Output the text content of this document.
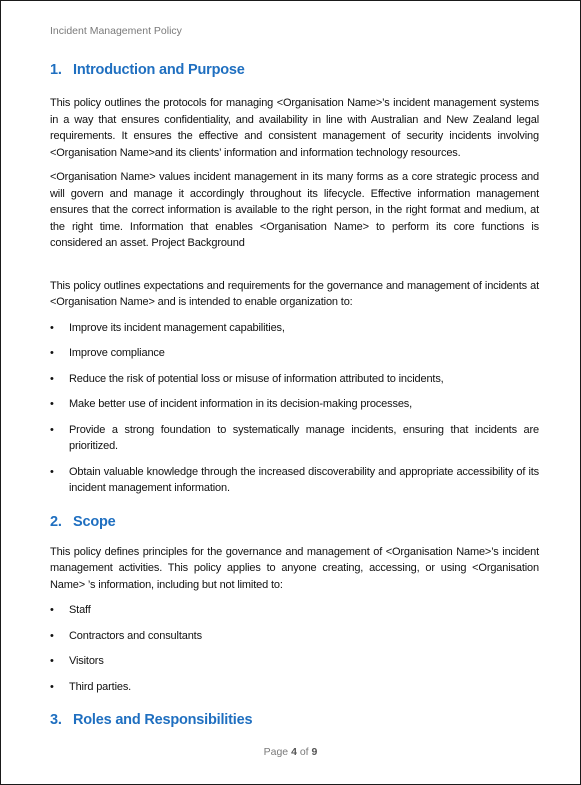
Incident Management Policy
1. Introduction and Purpose

This policy outlines the protocols for managing <Organisation Name>’s incident management systems in a way that ensures confidentiality, and availability in line with Australian and New Zealand legal requirements. It ensures the effective and consistent management of security incidents involving <Organisation Name>and its clients’ information and information technology resources.

<Organisation Name> values incident management in its many forms as a core strategic process and will govern and manage it accordingly throughout its lifecycle. Effective information management ensures that the correct information is available to the right person, in the right format and medium, at the right time. Information that enables <Organisation Name> to perform its core functions is considered an asset. Project Background

This policy outlines expectations and requirements for the governance and management of incidents at <Organisation Name> and is intended to enable organization to:

• Improve its incident management capabilities,
• Improve compliance
• Reduce the risk of potential loss or misuse of information attributed to incidents,
• Make better use of incident information in its decision-making processes,
• Provide a strong foundation to systematically manage incidents, ensuring that incidents are prioritized.
• Obtain valuable knowledge through the increased discoverability and appropriate accessibility of its incident management information.
2. Scope

This policy defines principles for the governance and management of <Organisation Name>’s incident management activities. This policy applies to anyone creating, accessing, or using <Organisation Name> ’s information, including but not limited to:

• Staff
• Contractors and consultants
• Visitors
• Third parties.
3. Roles and Responsibilities
Page 4 of 9
